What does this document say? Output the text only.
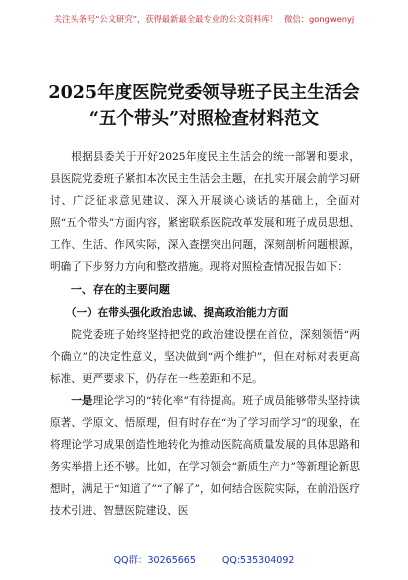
关注头条号“公文研究”，获得最新最全最专业的公文资料库！ 微信：gongwenyj
2025年度医院党委领导班子民主生活会
“五个带头”对照检查材料范文

根据县委关于开好2025年度民主生活会的统一部署和要求，县医院党委班子紧扣本次民主生活会主题，在扎实开展会前学习研讨、广泛征求意见建议、深入开展谈心谈话的基础上，全面对照“五个带头”方面内容，紧密联系医院改革发展和班子成员思想、工作、生活、作风实际，深入查摆突出问题，深刻剖析问题根源，明确了下步努力方向和整改措施。现将对照检查情况报告如下：

一、存在的主要问题

（一）在带头强化政治忠诚、提高政治能力方面

院党委班子始终坚持把党的政治建设摆在首位，深刻领悟“两个确立”的决定性意义，坚决做到“两个维护”，但在对标对表更高标准、更严要求下，仍存在一些差距和不足。

一是理论学习的“转化率”有待提高。班子成员能够带头坚持读原著、学原文、悟原理，但有时存在“为了学习而学习”的现象，在将理论学习成果创造性地转化为推动医院高质量发展的具体思路和务实举措上还不够。比如，在学习领会“新质生产力”等新理论新思想时，满足于“知道了”“了解了”，如何结合医院实际，在前沿医疗技术引进、智慧医院建设、医

QQ群：30265665	QQ:535304092
